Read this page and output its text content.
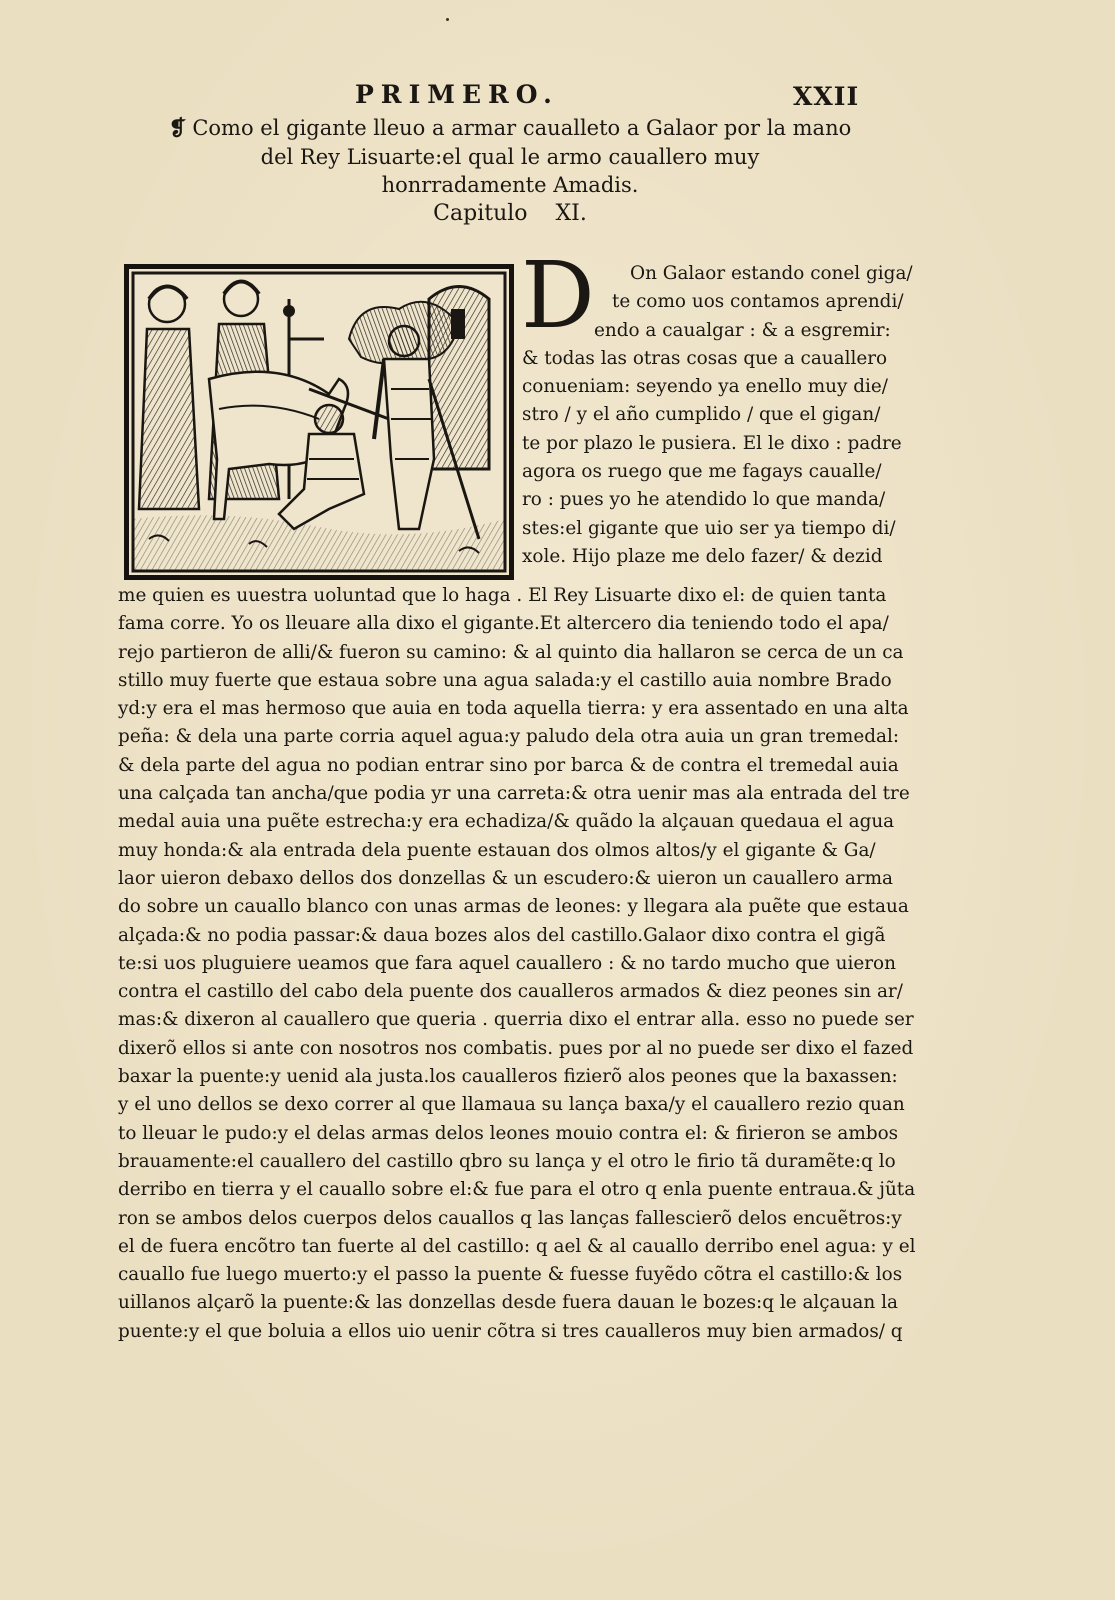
PRIMERO.	XXII
❡ Como el gigante lleuo a armar caualleto a Galaor por la mano
del Rey Lisuarte:el qual le armo cauallero muy
honrradamente Amadis.
Capitulo    XI.
D	On Galaor estando conel giga/
te como uos contamos aprendi/
endo a caualgar : & a esgremir:
& todas las otras cosas que a cauallero
conueniam: seyendo ya enello muy die/
stro / y el año cumplido / que el gigan/
te por plazo le pusiera. El le dixo : padre
agora os ruego que me fagays caualle/
ro : pues yo he atendido lo que manda/
stes:el gigante que uio ser ya tiempo di/
xole. Hijo plaze me delo fazer/ & dezid
me quien es uuestra uoluntad que lo haga . El Rey Lisuarte dixo el: de quien tanta
fama corre. Yo os lleuare alla dixo el gigante.Et altercero dia teniendo todo el apa/
rejo partieron de alli/& fueron su camino: & al quinto dia hallaron se cerca de un ca
stillo muy fuerte que estaua sobre una agua salada:y el castillo auia nombre Brado
yd:y era el mas hermoso que auia en toda aquella tierra: y era assentado en una alta
peña: & dela una parte corria aquel agua:y paludo dela otra auia un gran tremedal:
& dela parte del agua no podian entrar sino por barca & de contra el tremedal auia
una calçada tan ancha/que podia yr una carreta:& otra uenir mas ala entrada del tre
medal auia una puẽte estrecha:y era echadiza/& quãdo la alçauan quedaua el agua
muy honda:& ala entrada dela puente estauan dos olmos altos/y el gigante & Ga/
laor uieron debaxo dellos dos donzellas & un escudero:& uieron un cauallero arma
do sobre un cauallo blanco con unas armas de leones: y llegara ala puẽte que estaua
alçada:& no podia passar:& daua bozes alos del castillo.Galaor dixo contra el gigã
te:si uos pluguiere ueamos que fara aquel cauallero : & no tardo mucho que uieron
contra el castillo del cabo dela puente dos caualleros armados & diez peones sin ar/
mas:& dixeron al cauallero que queria . querria dixo el entrar alla. esso no puede ser
dixerõ ellos si ante con nosotros nos combatis. pues por al no puede ser dixo el fazed
baxar la puente:y uenid ala justa.los caualleros fizierõ alos peones que la baxassen:
y el uno dellos se dexo correr al que llamaua su lança baxa/y el cauallero rezio quan
to lleuar le pudo:y el delas armas delos leones mouio contra el: & firieron se ambos
brauamente:el cauallero del castillo qbro su lança y el otro le firio tã duramẽte:q lo
derribo en tierra y el cauallo sobre el:& fue para el otro q enla puente entraua.& jũta
ron se ambos delos cuerpos delos cauallos q las lanças fallescierõ delos encuẽtros:y
el de fuera encõtro tan fuerte al del castillo: q ael & al cauallo derribo enel agua: y el
cauallo fue luego muerto:y el passo la puente & fuesse fuyẽdo cõtra el castillo:& los
uillanos alçarõ la puente:& las donzellas desde fuera dauan le bozes:q le alçauan la
puente:y el que boluia a ellos uio uenir cõtra si tres caualleros muy bien armados/ q
